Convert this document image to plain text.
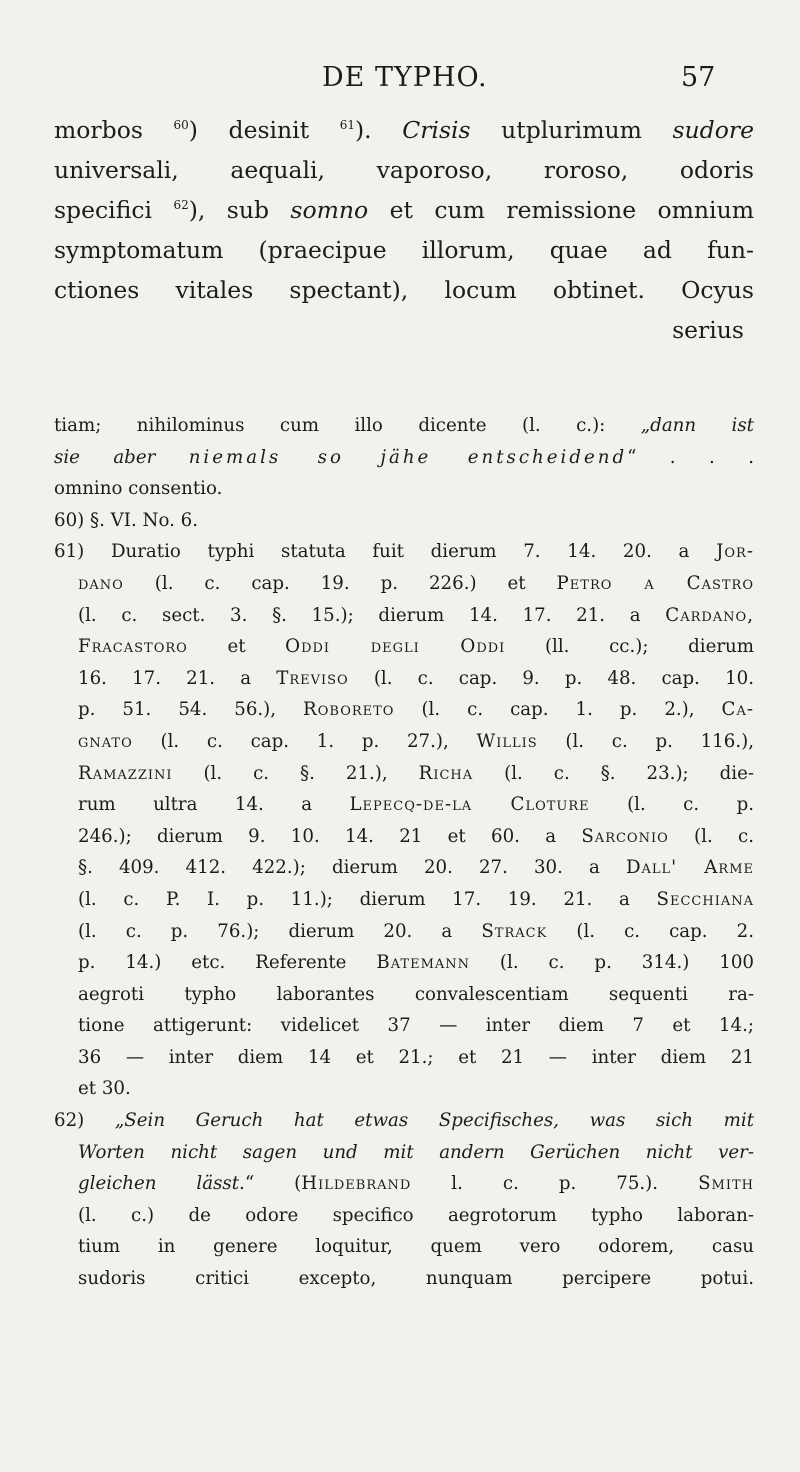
DE TYPHO.	57
morbos $^{60}$) desinit $^{61}$). Crisis utplurimum sudore
universali, aequali, vaporoso, roroso, odoris
specifici $^{62}$), sub somno et cum remissione omnium
symptomatum (praecipue illorum, quae ad fun-
ctiones vitales spectant), locum obtinet. Ocyus
serius
tiam; nihilominus cum illo dicente (l. c.): „dann ist
sie aber niemals so jähe entscheidend“ . . .
omnino consentio.
60) §. VI. No. 6.
61) Duratio typhi statuta fuit dierum 7. 14. 20. a Jor-
dano (l. c. cap. 19. p. 226.) et Petro a Castro
(l. c. sect. 3. §. 15.); dierum 14. 17. 21. a Cardano,
Fracastoro et Oddi degli Oddi (ll. cc.); dierum
16. 17. 21. a Treviso (l. c. cap. 9. p. 48. cap. 10.
p. 51. 54. 56.), Roboreto (l. c. cap. 1. p. 2.), Ca-
gnato (l. c. cap. 1. p. 27.), Willis (l. c. p. 116.),
Ramazzini (l. c. §. 21.), Richa (l. c. §. 23.); die-
rum ultra 14. a Lepecq-de-la Cloture (l. c. p.
246.); dierum 9. 10. 14. 21 et 60. a Sarconio (l. c.
§. 409. 412. 422.); dierum 20. 27. 30. a Dall' Arme
(l. c. P. I. p. 11.); dierum 17. 19. 21. a Secchiana
(l. c. p. 76.); dierum 20. a Strack (l. c. cap. 2.
p. 14.) etc. Referente Batemann (l. c. p. 314.) 100
aegroti typho laborantes convalescentiam sequenti ra-
tione attigerunt: videlicet 37 — inter diem 7 et 14.;
36 — inter diem 14 et 21.; et 21 — inter diem 21
et 30.
62) „Sein Geruch hat etwas Specifisches, was sich mit
Worten nicht sagen und mit andern Gerüchen nicht ver-
gleichen lässt.“ (Hildebrand l. c. p. 75.). Smith
(l. c.) de odore specifico aegrotorum typho laboran-
tium in genere loquitur, quem vero odorem, casu
sudoris critici excepto, nunquam percipere potui.
